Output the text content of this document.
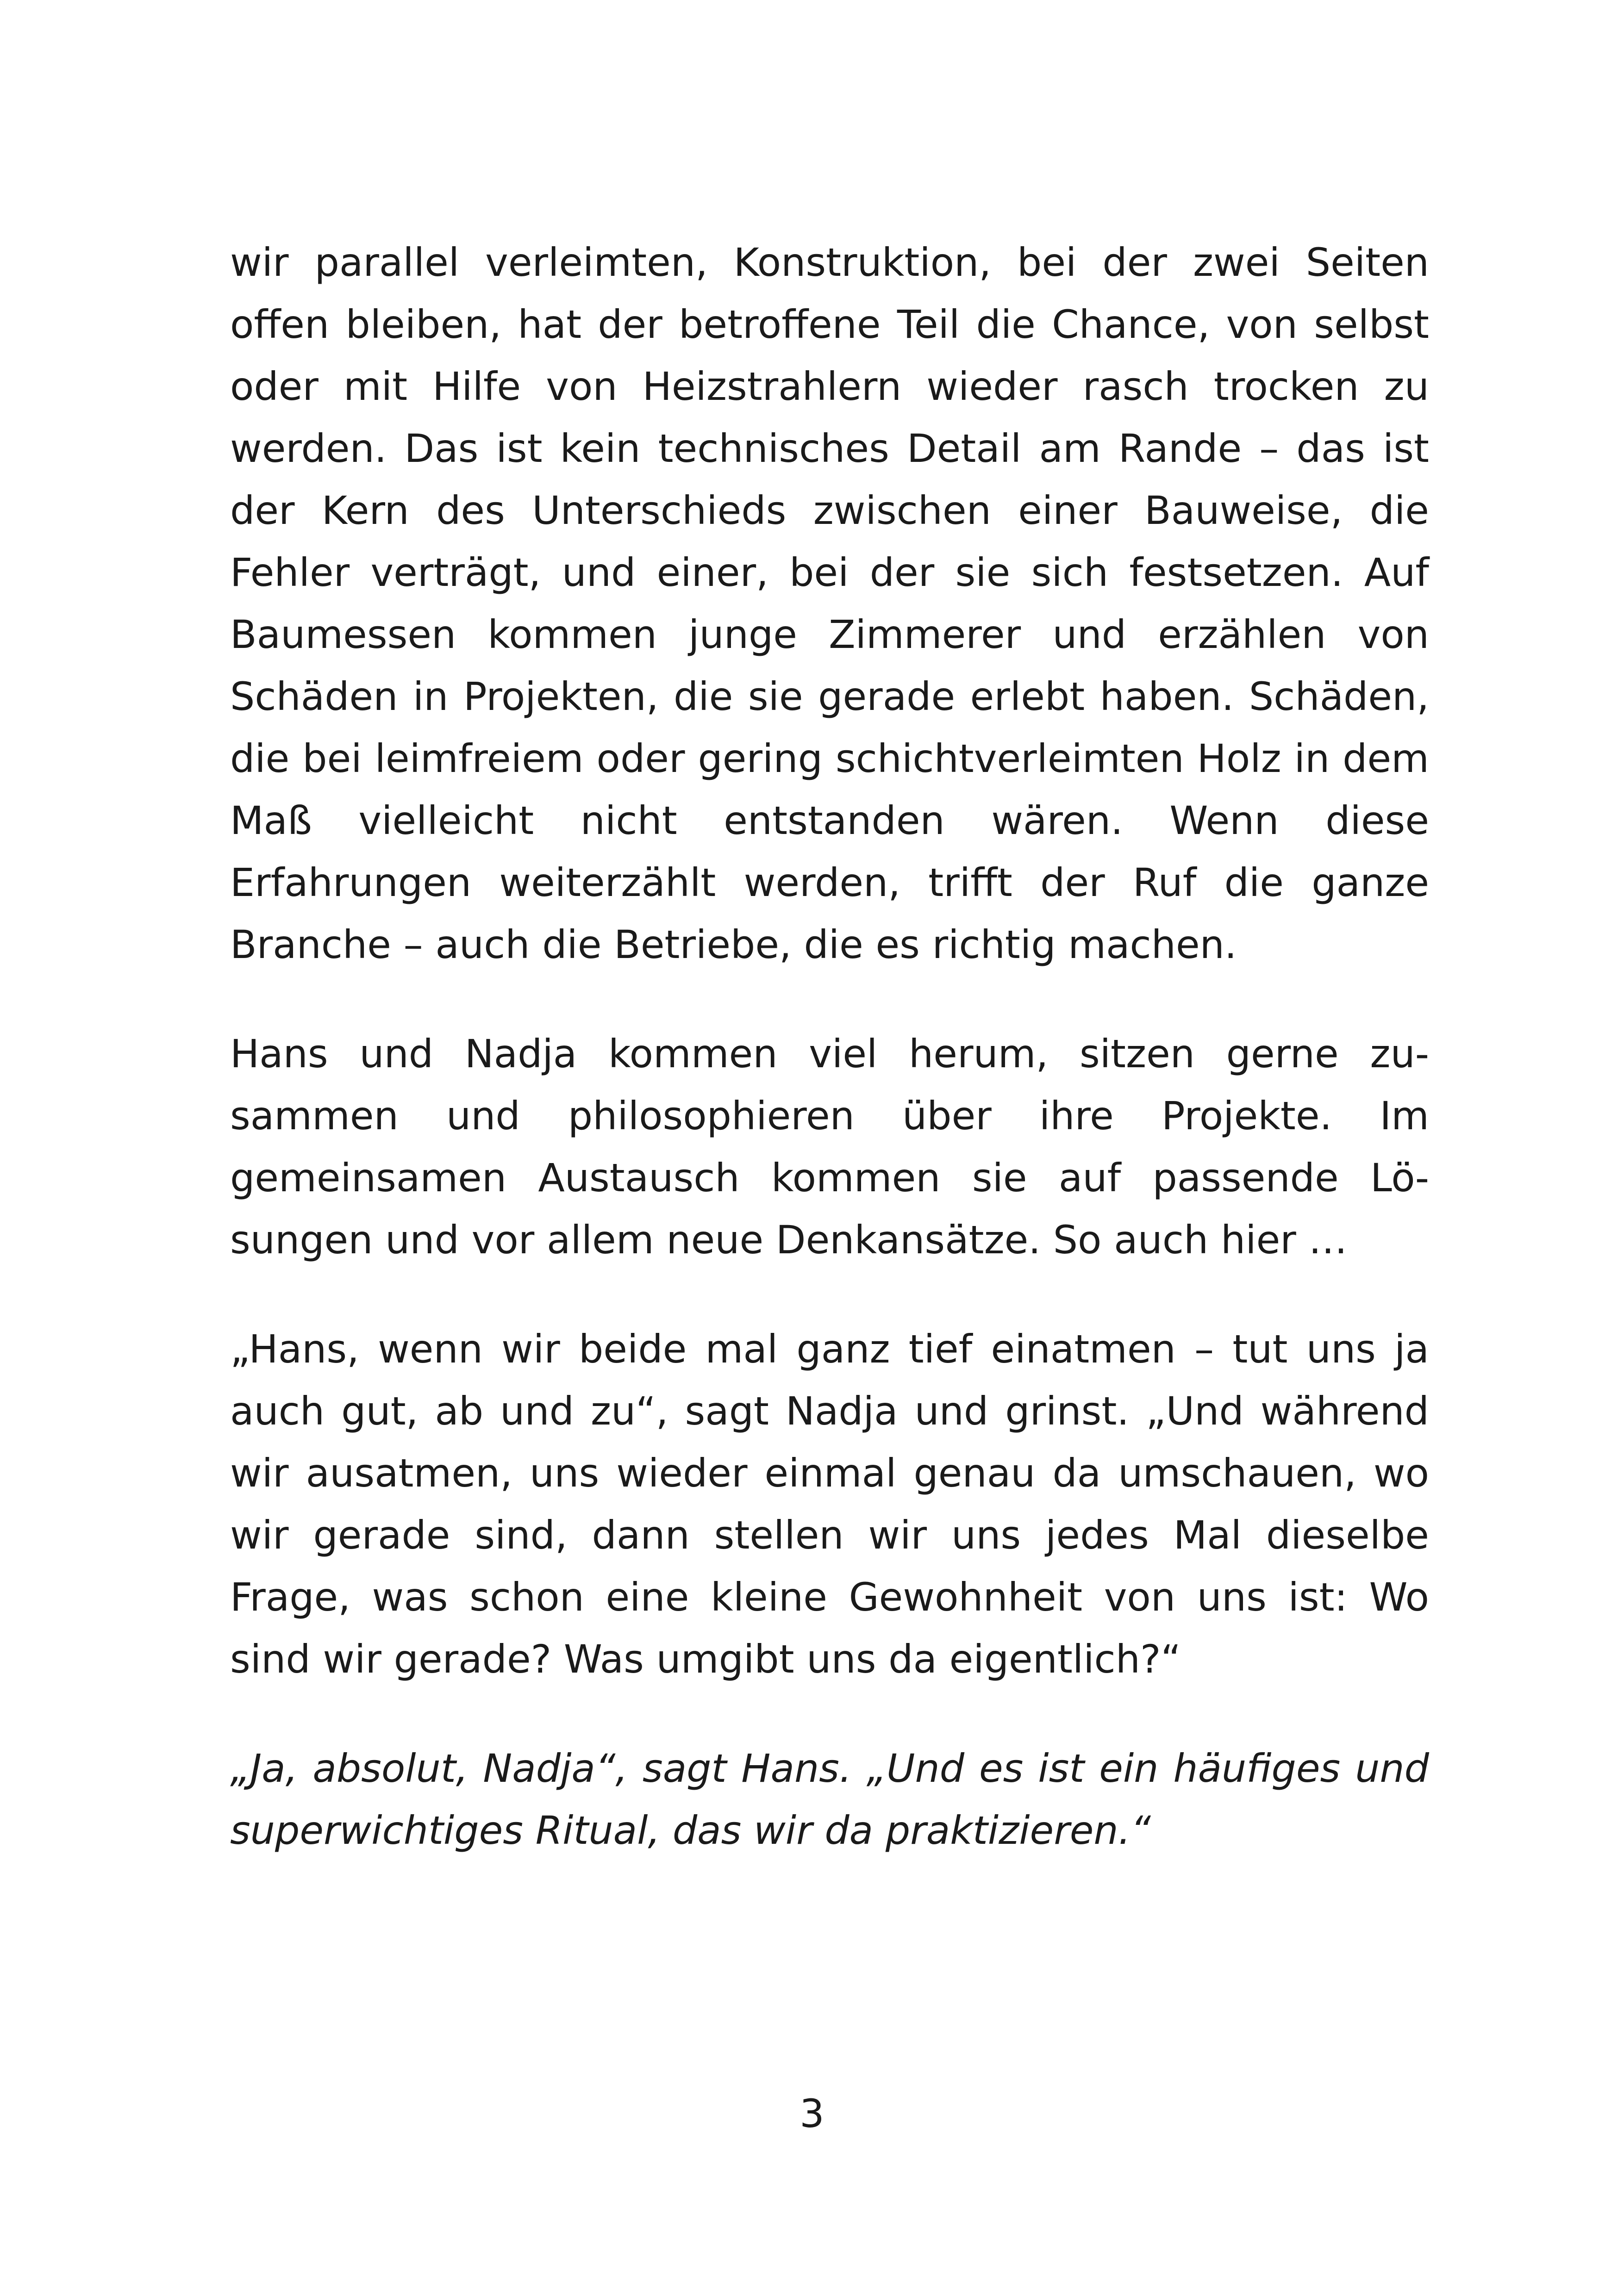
wir parallel verleimten, Konstruktion, bei der zwei Seiten offen bleiben, hat der betroffene Teil die Chance, von selbst oder mit Hilfe von Heizstrahlern wieder rasch trocken zu werden. Das ist kein technisches Detail am Rande – das ist der Kern des Unterschieds zwischen einer Bauweise, die Fehler verträgt, und einer, bei der sie sich festsetzen. Auf Baumessen kommen junge Zimmerer und erzählen von Schäden in Projekten, die sie gerade erlebt haben. Schäden, die bei leimfreiem oder gering schichtverleimten Holz in dem Maß vielleicht nicht entstanden wären. Wenn diese Erfahrungen weiterzählt werden, trifft der Ruf die ganze Branche – auch die Betriebe, die es richtig machen.

Hans und Nadja kommen viel herum, sitzen gerne zusammen und philosophieren über ihre Projekte. Im gemeinsamen Austausch kommen sie auf passende Lösungen und vor allem neue Denkansätze. So auch hier …

„Hans, wenn wir beide mal ganz tief einatmen – tut uns ja auch gut, ab und zu“, sagt Nadja und grinst. „Und während wir ausatmen, uns wieder einmal genau da umschauen, wo wir gerade sind, dann stellen wir uns jedes Mal dieselbe Frage, was schon eine kleine Gewohnheit von uns ist: Wo sind wir gerade? Was umgibt uns da eigentlich?“

„Ja, absolut, Nadja“, sagt Hans. „Und es ist ein häufiges und superwichtiges Ritual, das wir da praktizieren.“

3
